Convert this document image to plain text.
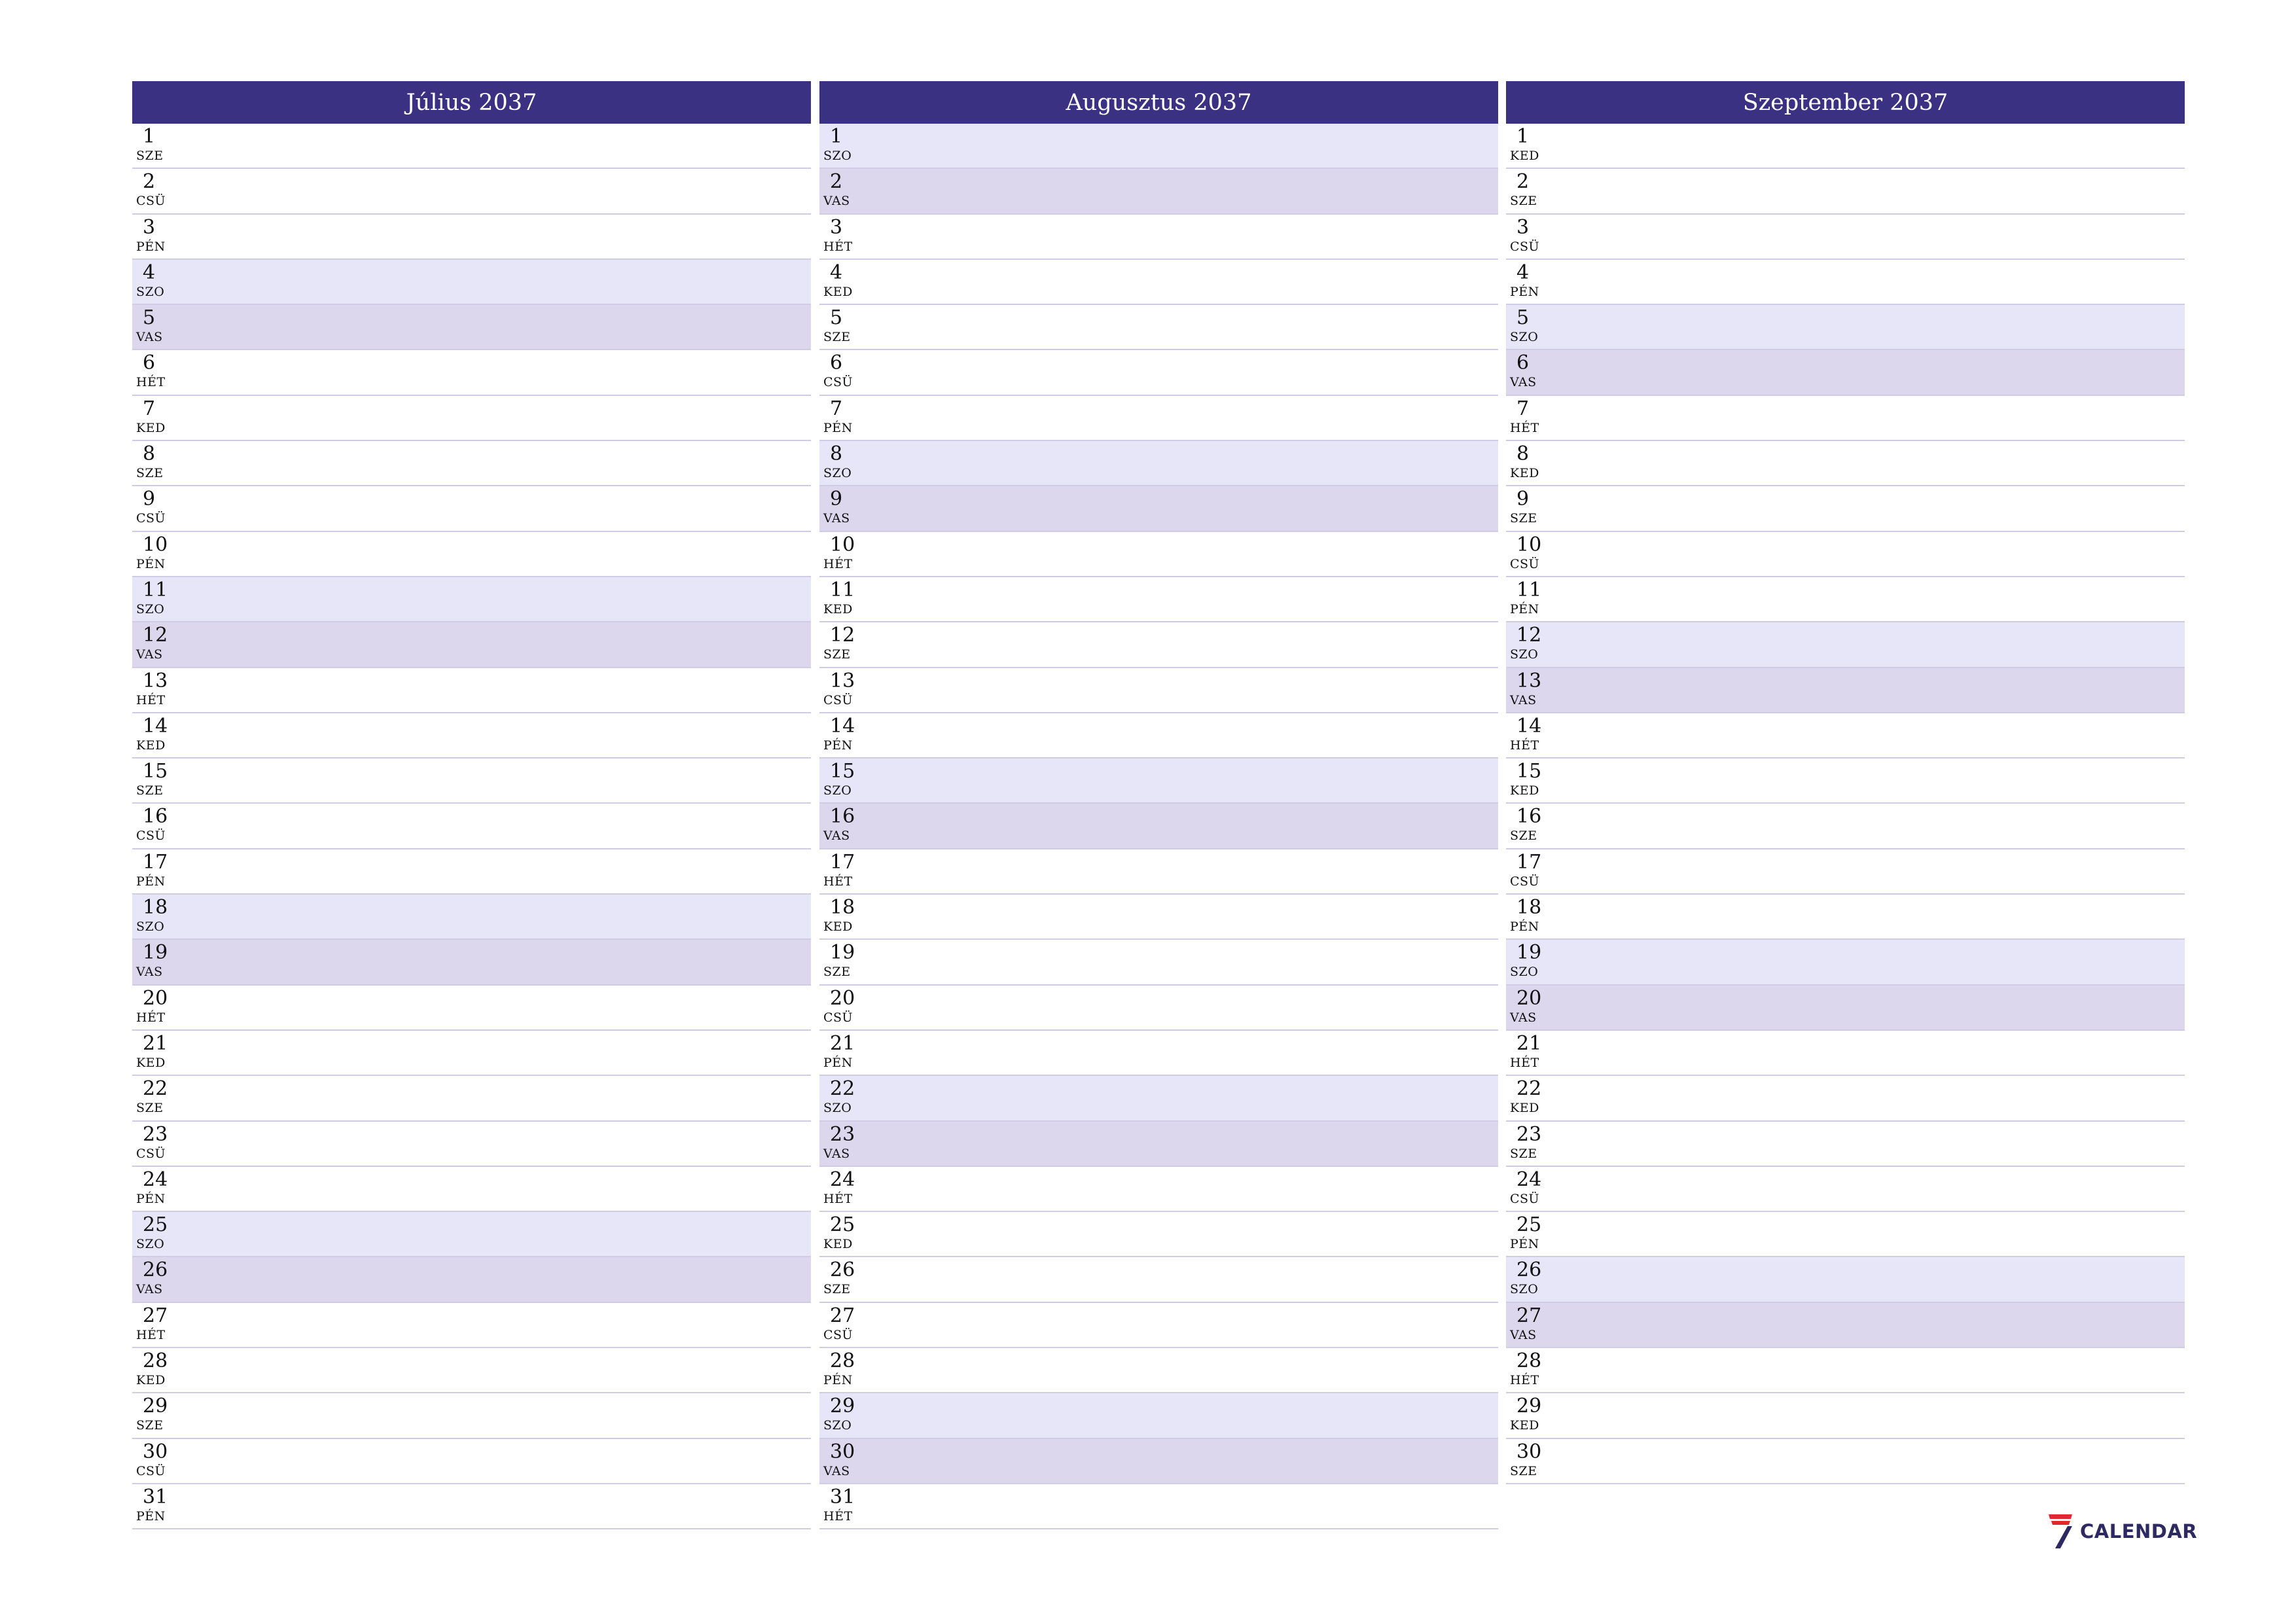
Július 2037
1
SZE
2
CSÜ
3
PÉN
4
SZO
5
VAS
6
HÉT
7
KED
8
SZE
9
CSÜ
10
PÉN
11
SZO
12
VAS
13
HÉT
14
KED
15
SZE
16
CSÜ
17
PÉN
18
SZO
19
VAS
20
HÉT
21
KED
22
SZE
23
CSÜ
24
PÉN
25
SZO
26
VAS
27
HÉT
28
KED
29
SZE
30
CSÜ
31
PÉN
Augusztus 2037
1
SZO
2
VAS
3
HÉT
4
KED
5
SZE
6
CSÜ
7
PÉN
8
SZO
9
VAS
10
HÉT
11
KED
12
SZE
13
CSÜ
14
PÉN
15
SZO
16
VAS
17
HÉT
18
KED
19
SZE
20
CSÜ
21
PÉN
22
SZO
23
VAS
24
HÉT
25
KED
26
SZE
27
CSÜ
28
PÉN
29
SZO
30
VAS
31
HÉT
Szeptember 2037
1
KED
2
SZE
3
CSÜ
4
PÉN
5
SZO
6
VAS
7
HÉT
8
KED
9
SZE
10
CSÜ
11
PÉN
12
SZO
13
VAS
14
HÉT
15
KED
16
SZE
17
CSÜ
18
PÉN
19
SZO
20
VAS
21
HÉT
22
KED
23
SZE
24
CSÜ
25
PÉN
26
SZO
27
VAS
28
HÉT
29
KED
30
SZE
CALENDAR
